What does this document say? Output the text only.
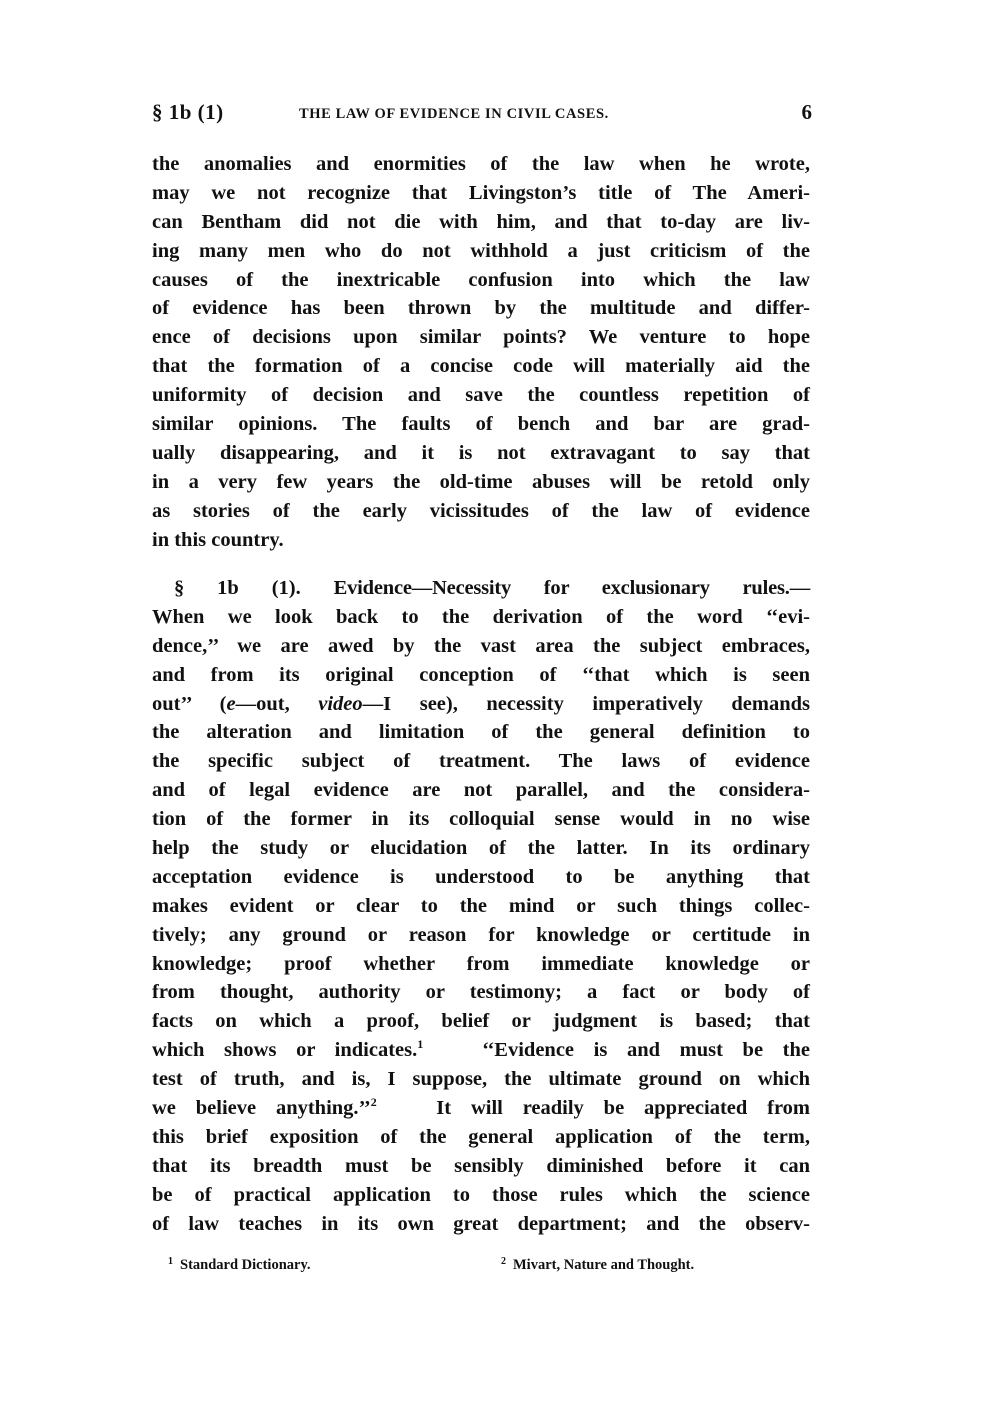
§ 1b (1)	THE LAW OF EVIDENCE IN CIVIL CASES.	6
the anomalies and enormities of the law when he wrote,
may we not recognize that Livingston’s title of The Ameri-
can Bentham did not die with him, and that to-day are liv-
ing many men who do not withhold a just criticism of the
causes of the inextricable confusion into which the law
of evidence has been thrown by the multitude and differ-
ence of decisions upon similar points? We venture to hope
that the formation of a concise code will materially aid the
uniformity of decision and save the countless repetition of
similar opinions. The faults of bench and bar are grad-
ually disappearing, and it is not extravagant to say that
in a very few years the old-time abuses will be retold only
as stories of the early vicissitudes of the law of evidence
in this country.
§ 1b (1). Evidence—Necessity for exclusionary rules.—
When we look back to the derivation of the word ‘‘evi-
dence,’’ we are awed by the vast area the subject embraces,
and from its original conception of ‘‘that which is seen
out’’ (e—out, video—I see), necessity imperatively demands
the alteration and limitation of the general definition to
the specific subject of treatment. The laws of evidence
and of legal evidence are not parallel, and the considera-
tion of the former in its colloquial sense would in no wise
help the study or elucidation of the latter. In its ordinary
acceptation evidence is understood to be anything that
makes evident or clear to the mind or such things collec-
tively; any ground or reason for knowledge or certitude in
knowledge; proof whether from immediate knowledge or
from thought, authority or testimony; a fact or body of
facts on which a proof, belief or judgment is based; that
which shows or indicates.$^1$	‘‘Evidence is and must be the
test of truth, and is, I suppose, the ultimate ground on which
we believe anything.’’$^2$	It will readily be appreciated from
this brief exposition of the general application of the term,
that its breadth must be sensibly diminished before it can
be of practical application to those rules which the science
of law teaches in its own great department; and the observ-
$^1$ Standard Dictionary.	$^2$ Mivart, Nature and Thought.
